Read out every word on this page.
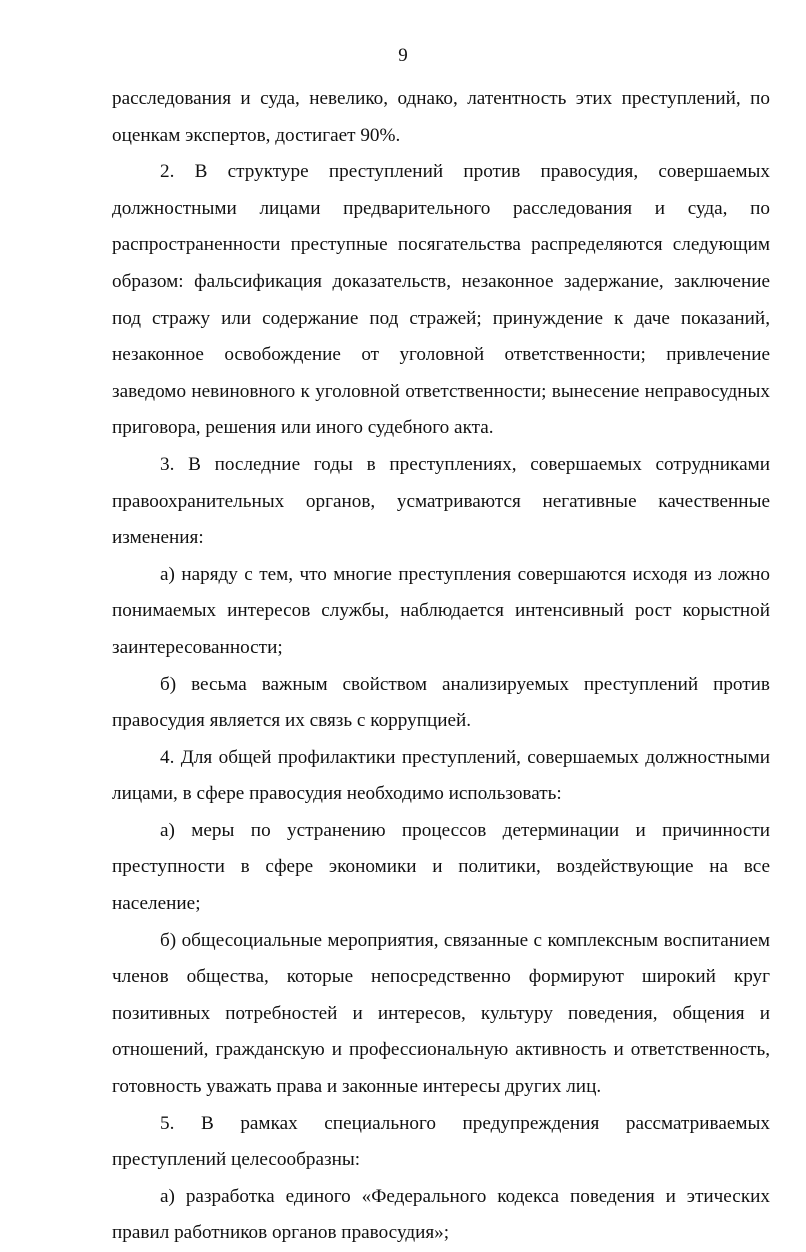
9

расследования и суда, невелико, однако, латентность этих преступлений, по оценкам экспертов, достигает 90%.

2. В структуре преступлений против правосудия, совершаемых должностными лицами предварительного расследования и суда, по распространенности преступные посягательства распределяются следующим образом: фальсификация доказательств, незаконное задержание, заключение под стражу или содержание под стражей; принуждение к даче показаний, незаконное освобождение от уголовной ответственности; привлечение заведомо невиновного к уголовной ответственности; вынесение неправосудных приговора, решения или иного судебного акта.

3. В последние годы в преступлениях, совершаемых сотрудниками правоохранительных органов, усматриваются негативные качественные изменения:

а) наряду с тем, что многие преступления совершаются исходя из ложно понимаемых интересов службы, наблюдается интенсивный рост корыстной заинтересованности;

б) весьма важным свойством анализируемых преступлений против правосудия является их связь с коррупцией.

4. Для общей профилактики преступлений, совершаемых должностными лицами, в сфере правосудия необходимо использовать:

а) меры по устранению процессов детерминации и причинности преступности в сфере экономики и политики, воздействующие на все население;

б) общесоциальные мероприятия, связанные с комплексным воспитанием членов общества, которые непосредственно формируют широкий круг позитивных потребностей и интересов, культуру поведения, общения и отношений, гражданскую и профессиональную активность и ответственность, готовность уважать права и законные интересы других лиц.

5. В рамках специального предупреждения рассматриваемых преступлений целесообразны:

а) разработка единого «Федерального кодекса поведения и этических правил работников органов правосудия»;
